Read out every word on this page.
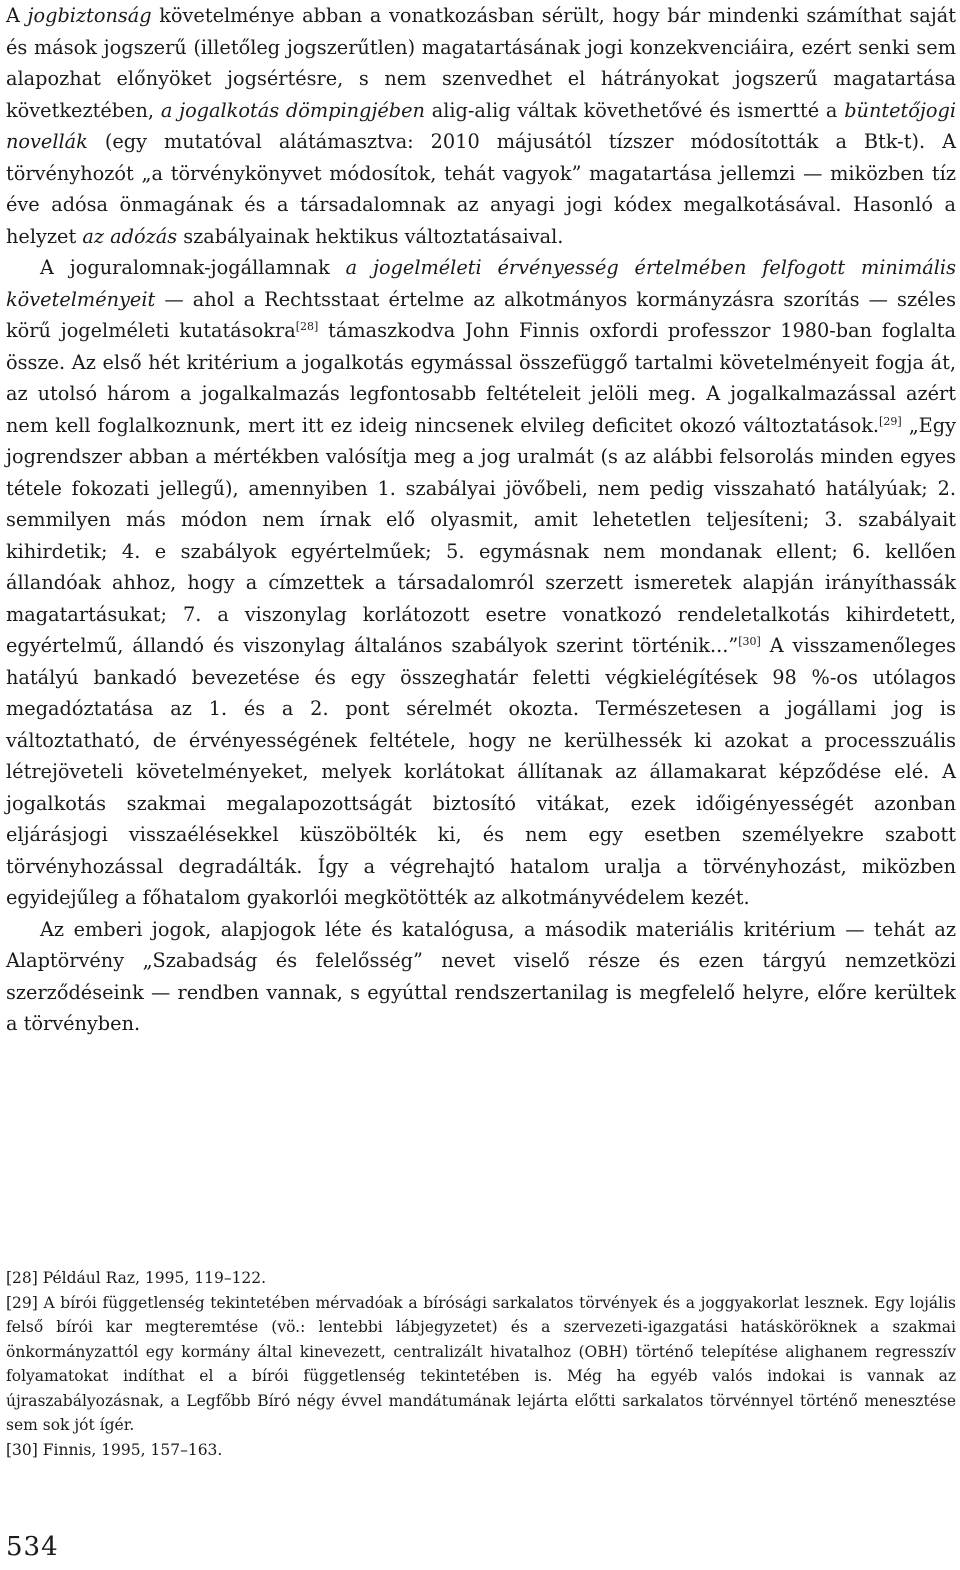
A jogbiztonság követelménye abban a vonatkozásban sérült, hogy bár mindenki számíthat saját és mások jogszerű (illetőleg jogszerűtlen) magatartásának jogi konzekvenciáira, ezért senki sem alapozhat előnyöket jogsértésre, s nem szenvedhet el hátrányokat jogszerű magatartása következtében, a jogalkotás dömpingjében alig-alig váltak követhetővé és ismertté a büntetőjogi novellák (egy mutatóval alátámasztva: 2010 májusától tízszer módosították a Btk-t). A törvényhozót „a törvénykönyvet módosítok, tehát vagyok” magatartása jellemzi — miközben tíz éve adósa önmagának és a társadalomnak az anyagi jogi kódex megalkotásával. Hasonló a helyzet az adózás szabályainak hektikus változtatásaival.

A joguralomnak-jogállamnak a jogelméleti érvényesség értelmében felfogott minimális követelményeit — ahol a Rechtsstaat értelme az alkotmányos kormányzásra szorítás — széles körű jogelméleti kutatásokra[28] támaszkodva John Finnis oxfordi professzor 1980-ban foglalta össze. Az első hét kritérium a jogalkotás egymással összefüggő tartalmi követelményeit fogja át, az utolsó három a jogalkalmazás legfontosabb feltételeit jelöli meg. A jogalkalmazással azért nem kell foglalkoznunk, mert itt ez ideig nincsenek elvileg deficitet okozó változtatások.[29] „Egy jogrendszer abban a mértékben valósítja meg a jog uralmát (s az alábbi felsorolás minden egyes tétele fokozati jellegű), amennyiben 1. szabályai jövőbeli, nem pedig visszaható hatályúak; 2. semmilyen más módon nem írnak elő olyasmit, amit lehetetlen teljesíteni; 3. szabályait kihirdetik; 4. e szabályok egyértelműek; 5. egymásnak nem mondanak ellent; 6. kellően állandóak ahhoz, hogy a címzettek a társadalomról szerzett ismeretek alapján irányíthassák magatartásukat; 7. a viszonylag korlátozott esetre vonatkozó rendeletalkotás kihirdetett, egyértelmű, állandó és viszonylag általános szabályok szerint történik...”[30] A visszamenőleges hatályú bankadó bevezetése és egy összeghatár feletti végkielégítések 98 %-os utólagos megadóztatása az 1. és a 2. pont sérelmét okozta. Természetesen a jogállami jog is változtatható, de érvényességének feltétele, hogy ne kerülhessék ki azokat a processzuális létrejöveteli követelményeket, melyek korlátokat állítanak az államakarat képződése elé. A jogalkotás szakmai megalapozottságát biztosító vitákat, ezek időigényességét azonban eljárásjogi visszaélésekkel küszöbölték ki, és nem egy esetben személyekre szabott törvényhozással degradálták. Így a végrehajtó hatalom uralja a törvényhozást, miközben egyidejűleg a főhatalom gyakorlói megkötötték az alkotmányvédelem kezét.

Az emberi jogok, alapjogok léte és katalógusa, a második materiális kritérium — tehát az Alaptörvény „Szabadság és felelősség” nevet viselő része és ezen tárgyú nemzetközi szerződéseink — rendben vannak, s egyúttal rendszertanilag is megfelelő helyre, előre kerültek a törvényben.

[28] Például Raz, 1995, 119–122.

[29] A bírói függetlenség tekintetében mérvadóak a bírósági sarkalatos törvények és a joggyakorlat lesznek. Egy lojális felső bírói kar megteremtése (vö.: lentebbi lábjegyzetet) és a szervezeti-igazgatási hatásköröknek a szakmai önkormányzattól egy kormány által kinevezett, centralizált hivatalhoz (OBH) történő telepítése alighanem regresszív folyamatokat indíthat el a bírói függetlenség tekintetében is. Még ha egyéb valós indokai is vannak az újraszabályozásnak, a Legfőbb Bíró négy évvel mandátumának lejárta előtti sarkalatos törvénnyel történő menesztése sem sok jót ígér.

[30] Finnis, 1995, 157–163.

534
